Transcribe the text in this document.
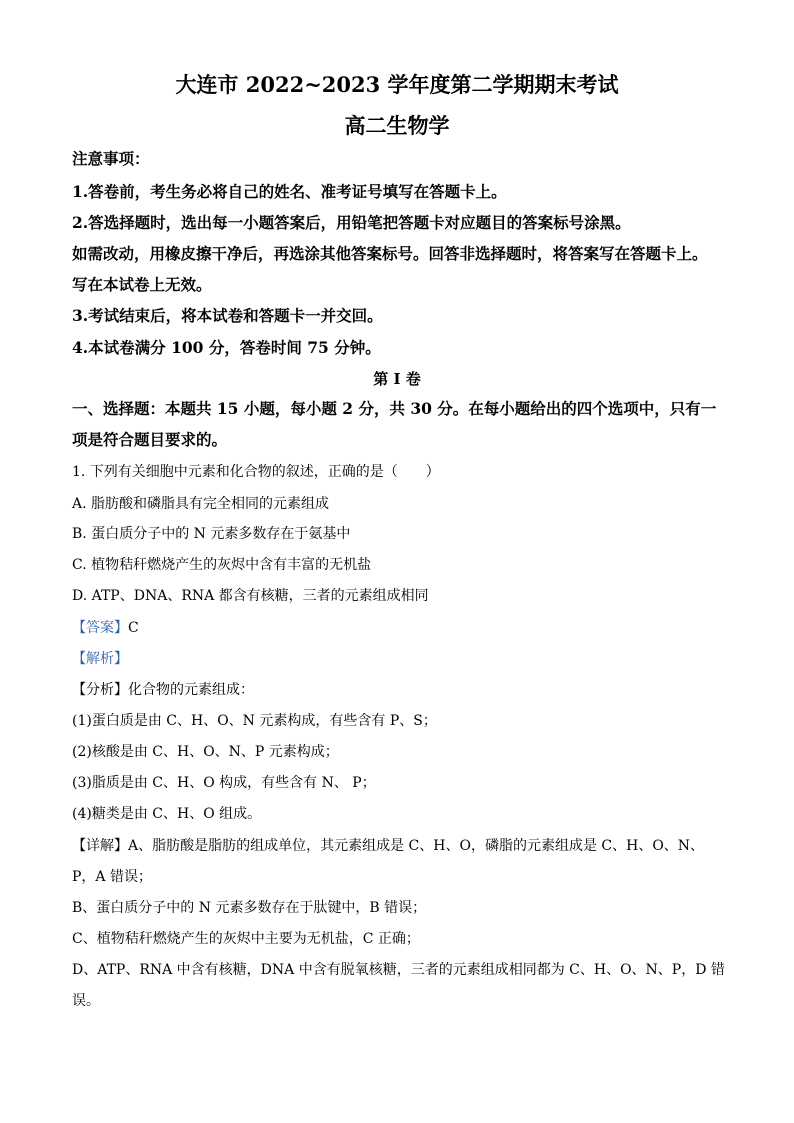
大连市 2022~2023 学年度第二学期期末考试
高二生物学
注意事项：
1.答卷前，考生务必将自己的姓名、准考证号填写在答题卡上。
2.答选择题时，选出每一小题答案后，用铅笔把答题卡对应题目的答案标号涂黑。
如需改动，用橡皮擦干净后，再选涂其他答案标号。回答非选择题时，将答案写在答题卡上。
写在本试卷上无效。
3.考试结束后，将本试卷和答题卡一并交回。
4.本试卷满分 100 分，答卷时间 75 分钟。
第 I 卷
一、选择题：本题共 15 小题，每小题 2 分，共 30 分。在每小题给出的四个选项中，只有一
项是符合题目要求的。
1. 下列有关细胞中元素和化合物的叙述，正确的是（　　）
A. 脂肪酸和磷脂具有完全相同的元素组成
B. 蛋白质分子中的 N 元素多数存在于氨基中
C. 植物秸秆燃烧产生的灰烬中含有丰富的无机盐
D. ATP、DNA、RNA 都含有核糖，三者的元素组成相同
【答案】C
【解析】
【分析】化合物的元素组成：
(1)蛋白质是由 C、H、O、N 元素构成，有些含有 P、S；
(2)核酸是由 C、H、O、N、P 元素构成；
(3)脂质是由 C、H、O 构成，有些含有 N、 P；
(4)糖类是由 C、H、O 组成。
【详解】A、脂肪酸是脂肪的组成单位，其元素组成是 C、H、O，磷脂的元素组成是 C、H、O、N、
P，A 错误；
B、蛋白质分子中的 N 元素多数存在于肽键中，B 错误；
C、植物秸秆燃烧产生的灰烬中主要为无机盐，C 正确；
D、ATP、RNA 中含有核糖，DNA 中含有脱氧核糖，三者的元素组成相同都为 C、H、O、N、P，D 错
误。
